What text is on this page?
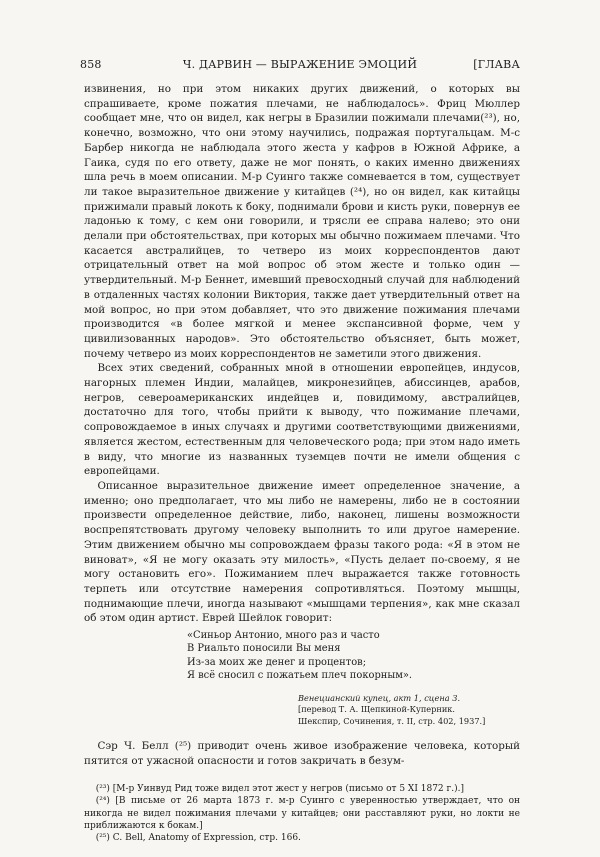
858	Ч. ДАРВИН — ВЫРАЖЕНИЕ ЭМОЦИЙ	[ГЛАВА

извинения, но при этом никаких других движений, о которых вы спрашиваете, кроме пожатия плечами, не наблюдалось». Фриц Мюллер сообщает мне, что он видел, как негры в Бразилии пожимали плечами(²³), но, конечно, возможно, что они этому научились, подражая португальцам. М-с Барбер никогда не наблюдала этого жеста у кафров в Южной Африке, а Гаика, судя по его ответу, даже не мог понять, о каких именно движениях шла речь в моем описании. М-р Суинго также сомневается в том, существует ли такое выразительное движение у китайцев (²⁴), но он видел, как китайцы прижимали правый локоть к боку, поднимали брови и кисть руки, повернув ее ладонью к тому, с кем они говорили, и трясли ее справа налево; это они делали при обстоятельствах, при которых мы обычно пожимаем плечами. Что касается австралийцев, то четверо из моих корреспондентов дают отрицательный ответ на мой вопрос об этом жесте и только один — утвердительный. М-р Беннет, имевший превосходный случай для наблюдений в отдаленных частях колонии Виктория, также дает утвердительный ответ на мой вопрос, но при этом добавляет, что это движение пожимания плечами производится «в более мягкой и менее экспансивной форме, чем у цивилизованных народов». Это обстоятельство объясняет, быть может, почему четверо из моих корреспондентов не заметили этого движения.

Всех этих сведений, собранных мной в отношении европейцев, индусов, нагорных племен Индии, малайцев, микронезийцев, абиссинцев, арабов, негров, североамериканских индейцев и, повидимому, австралийцев, достаточно для того, чтобы прийти к выводу, что пожимание плечами, сопровождаемое в иных случаях и другими соответствующими движениями, является жестом, естественным для человеческого рода; при этом надо иметь в виду, что многие из названных туземцев почти не имели общения с европейцами.

Описанное выразительное движение имеет определенное значение, а именно; оно предполагает, что мы либо не намерены, либо не в состоянии произвести определенное действие, либо, наконец, лишены возможности воспрепятствовать другому человеку выполнить то или другое намерение. Этим движением обычно мы сопровождаем фразы такого рода: «Я в этом не виноват», «Я не могу оказать эту милость», «Пусть делает по-своему, я не могу остановить его». Пожиманием плеч выражается также готовность терпеть или отсутствие намерения сопротивляться. Поэтому мышцы, поднимающие плечи, иногда называют «мышцами терпения», как мне сказал об этом один артист. Еврей Шейлок говорит:

«Синьор Антонио, много раз и часто
В Риальто поносили Вы меня
Из-за моих же денег и процентов;
Я всё сносил с пожатьем плеч покорным».
Венецианский купец, акт 1, сцена 3.
[перевод Т. А. Щепкиной-Куперник.
Шекспир, Сочинения, т. II, стр. 402, 1937.]

Сэр Ч. Белл (²⁵) приводит очень живое изображение человека, который пятится от ужасной опасности и готов закричать в безум-

(²³) [М-р Уинвуд Рид тоже видел этот жест у негров (письмо от 5 XI 1872 г.).]

(²⁴) [В письме от 26 марта 1873 г. м-р Суинго с уверенностью утверждает, что он никогда не видел пожимания плечами у китайцев; они расставляют руки, но локти не приближаются к бокам.]

(²⁵) C. Bell, Anatomy of Expression, стр. 166.
